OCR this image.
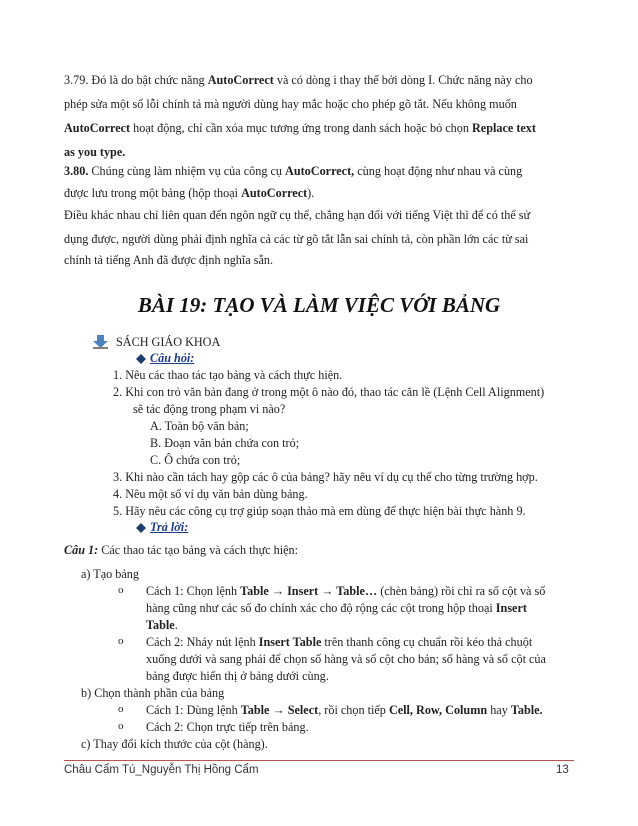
3.79. Đó là do bật chức năng AutoCorrect và có dòng i thay thế bởi dòng I. Chức năng này cho
phép sửa một số lỗi chính tả mà người dùng hay mắc hoặc cho phép gõ tắt. Nếu không muốn
AutoCorrect hoạt động, chỉ cần xóa mục tương ứng trong danh sách hoặc bỏ chọn Replace text
as you type.
3.80. Chúng cùng làm nhiệm vụ của công cụ AutoCorrect, cùng hoạt động như nhau và cùng
được lưu trong một bảng (hộp thoại AutoCorrect).
Điều khác nhau chỉ liên quan đến ngôn ngữ cụ thể, chẳng hạn đối với tiếng Việt thì để có thể sử
dụng được, người dùng phải định nghĩa cả các từ gõ tắt lẫn sai chính tả, còn phần lớn các từ sai
chính tả tiếng Anh đã được định nghĩa sẵn.
BÀI 19: TẠO VÀ LÀM VIỆC VỚI BẢNG
SÁCH GIÁO KHOA
Câu hỏi:
1. Nêu các thao tác tạo bảng và cách thực hiện.
2. Khi con trỏ văn bản đang ở trong một ô nào đó, thao tác căn lề (Lệnh Cell Alignment)
sẽ tác động trong phạm vi nào?
A. Toàn bộ văn bản;
B. Đoạn văn bản chứa con trỏ;
C. Ô chứa con trỏ;
3. Khi nào cần tách hay gộp các ô của bảng? hãy nêu ví dụ cụ thể cho từng trường hợp.
4. Nêu một số ví dụ văn bản dùng bảng.
5. Hãy nêu các công cụ trợ giúp soạn thảo mà em dùng để thực hiện bài thực hành 9.
Trả lời:
Câu 1: Các thao tác tạo bảng và cách thực hiện:
a) Tạo bảng
o Cách 1: Chọn lệnh Table → Insert → Table… (chèn bảng) rồi chỉ ra số cột và số
hàng cũng như các số đo chính xác cho độ rộng các cột trong hộp thoại Insert
Table.
o Cách 2: Nháy nút lệnh Insert Table trên thanh công cụ chuẩn rồi kéo thả chuột
xuống dưới và sang phải để chọn số hàng và số cột cho bản; số hàng và số cột của
bảng được hiển thị ở bảng dưới cùng.
b) Chọn thành phần của bảng
o Cách 1: Dùng lệnh Table → Select, rồi chọn tiếp Cell, Row, Column hay Table.
o Cách 2: Chọn trực tiếp trên bảng.
c) Thay đổi kích thước của cột (hàng).
Châu Cẩm Tú_Nguyễn Thị Hồng Cẩm	13
